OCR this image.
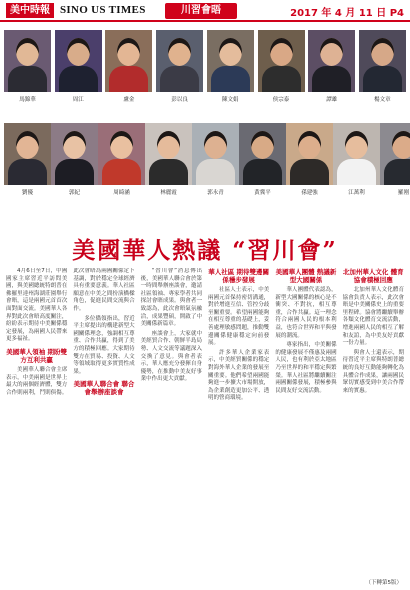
美中時報 SINO US TIMES	川習會晤	2017 年 4 月 11 日 P4
馬錦華	周江	盧金	彭以良	陳文娟	侯宗泰	譚雄	楊文章
劉優	郭紀	周綺涵	林麗霞	郭永青	黃冀平	孫建強	江萬利	羅刚
美國華人熱議 “習川會”

4月6日至7日，中國國家主席習近平訪問美國，與美國總統特朗普在佛羅里達州海湖莊園舉行會晤，這是兩國元首首次面對面交流。美國華人各界對此次會晤高度關注，紛紛表示期待中美關係穩定發展，為兩國人民帶來更多福祉。

美國華人領袖 期盼雙方互利共贏

美國華人聯合會主席表示，中美兩國是世界上最大的兩個經濟體，雙方合作則兩利，鬥則俱傷。此次會晤為兩國關係定下基調，對於穩定全球經濟具有重要意義。華人社區願意在中美之間扮演橋樑角色，促進民間交流與合作。

多位僑領指出，習近平主席提出的構建新型大國關係理念，強調相互尊重、合作共贏，得到了美方的積極回應。大家期待雙方在貿易、投資、人文等領域取得更多實質性成果。

美國華人聯合會 聯合會舉辦座談會

“習川會”消息傳出後，美國華人聯合會於第一時間舉辦座談會，邀請社區領袖、專家學者共同探討會晤成果。與會者一致認為，此次會晤氣氛融洽，成果豐碩，開啟了中美關係新篇章。

座談會上，大家就中美經貿合作、朝鮮半島局勢、人文交流等議題深入交換了意見。與會者表示，華人應充分發揮自身優勢，在推動中美友好事業中作出更大貢獻。

華人社區 期待雙邊關係穩步發展

社區人士表示，中美兩國元首保持密切溝通，對於增進互信、管控分歧至關重要。希望兩國能夠在相互尊重的基礎上，妥善處理敏感問題，推動雙邊關係健康穩定向前發展。

許多華人企業家表示，中美經貿關係的穩定對海外華人企業的發展至關重要。他們希望兩國能夠進一步擴大市場開放，為企業創造更加公平、透明的營商環境。

美國華人團體 熱議新型大國關係

華人團體代表認為，新型大國關係的核心是不衝突、不對抗，相互尊重，合作共贏。這一理念符合兩國人民的根本利益，也符合世界和平與發展的潮流。

專家指出，中美關係的健康發展不僅惠及兩國人民，也有利於亞太地區乃至世界的和平穩定與繁榮。華人社區將繼續關注兩國關係發展，積極參與民間友好交流活動。

北加州華人文化 體育協會積極回應

北加州華人文化體育協會負責人表示，此次會晤是中美關係史上的重要里程碑。協會將繼續舉辦各類文化體育交流活動，增進兩國人民的相互了解和友誼，為中美友好貢獻一份力量。

與會人士還表示，期待習近平主席與特朗普總統的良好互動能夠轉化為具體合作成果，讓兩國民眾切實感受到中美合作帶來的實惠。

（下轉第5版）
